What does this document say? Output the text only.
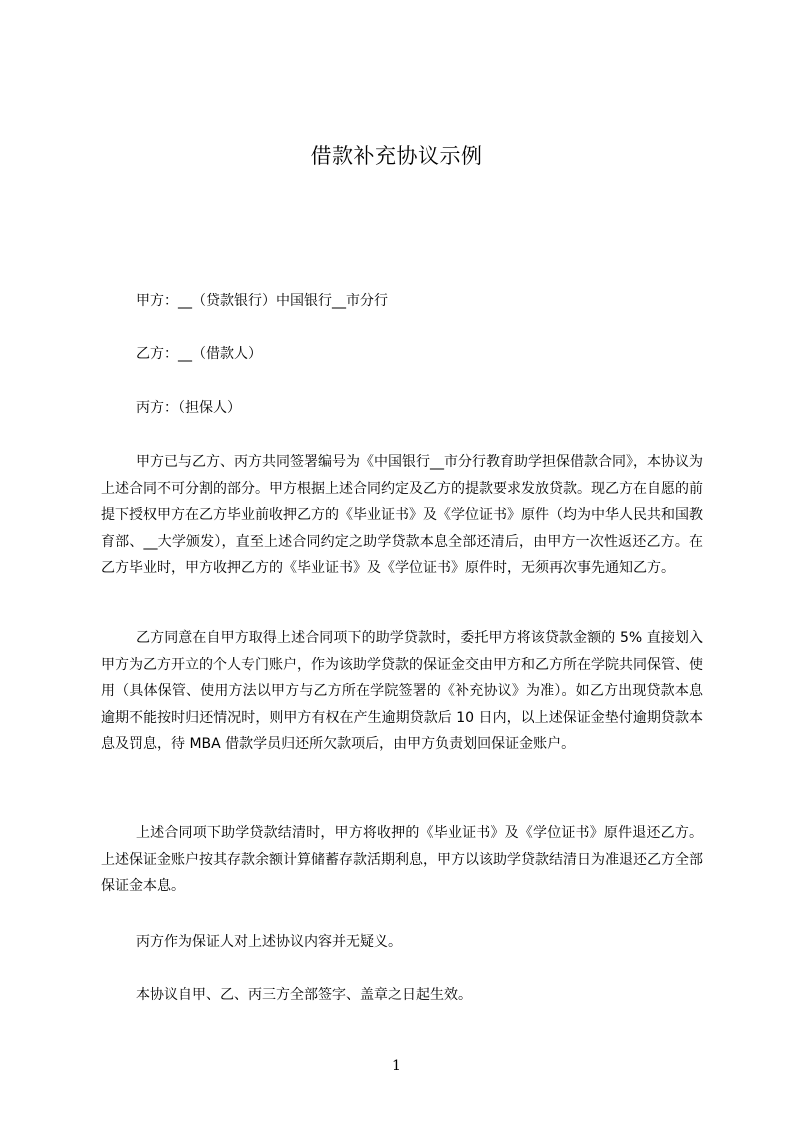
借款补充协议示例
甲方：__（贷款银行）中国银行__市分行
乙方：__（借款人）
丙方：（担保人）
甲方已与乙方、丙方共同签署编号为《中国银行__市分行教育助学担保借款合同》，本协议为上述合同不可分割的部分。甲方根据上述合同约定及乙方的提款要求发放贷款。现乙方在自愿的前提下授权甲方在乙方毕业前收押乙方的《毕业证书》及《学位证书》原件（均为中华人民共和国教育部、__大学颁发），直至上述合同约定之助学贷款本息全部还清后，由甲方一次性返还乙方。在乙方毕业时，甲方收押乙方的《毕业证书》及《学位证书》原件时，无须再次事先通知乙方。
乙方同意在自甲方取得上述合同项下的助学贷款时，委托甲方将该贷款金额的 5% 直接划入甲方为乙方开立的个人专门账户，作为该助学贷款的保证金交由甲方和乙方所在学院共同保管、使用（具体保管、使用方法以甲方与乙方所在学院签署的《补充协议》为准）。如乙方出现贷款本息逾期不能按时归还情况时，则甲方有权在产生逾期贷款后 10 日内，以上述保证金垫付逾期贷款本息及罚息，待 MBA 借款学员归还所欠款项后，由甲方负责划回保证金账户。
上述合同项下助学贷款结清时，甲方将收押的《毕业证书》及《学位证书》原件退还乙方。上述保证金账户按其存款余额计算储蓄存款活期利息，甲方以该助学贷款结清日为准退还乙方全部保证金本息。
丙方作为保证人对上述协议内容并无疑义。
本协议自甲、乙、丙三方全部签字、盖章之日起生效。
1
